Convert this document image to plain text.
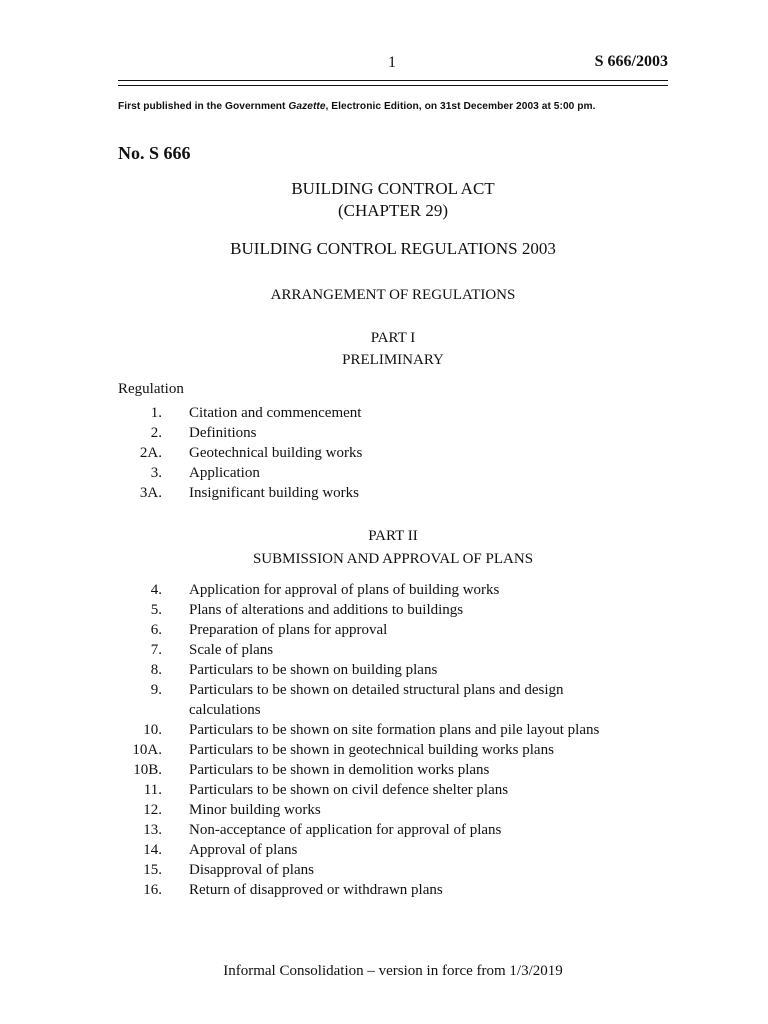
1	S 666/2003
First published in the Government Gazette, Electronic Edition, on 31st December 2003 at 5:00 pm.
No. S 666
BUILDING CONTROL ACT
(CHAPTER 29)
BUILDING CONTROL REGULATIONS 2003
ARRANGEMENT OF REGULATIONS
PART I
PRELIMINARY
Regulation
1. Citation and commencement
2. Definitions
2A. Geotechnical building works
3. Application
3A. Insignificant building works
PART II
SUBMISSION AND APPROVAL OF PLANS
4. Application for approval of plans of building works
5. Plans of alterations and additions to buildings
6. Preparation of plans for approval
7. Scale of plans
8. Particulars to be shown on building plans
9. Particulars to be shown on detailed structural plans and design calculations
10. Particulars to be shown on site formation plans and pile layout plans
10A. Particulars to be shown in geotechnical building works plans
10B. Particulars to be shown in demolition works plans
11. Particulars to be shown on civil defence shelter plans
12. Minor building works
13. Non-acceptance of application for approval of plans
14. Approval of plans
15. Disapproval of plans
16. Return of disapproved or withdrawn plans
Informal Consolidation – version in force from 1/3/2019
